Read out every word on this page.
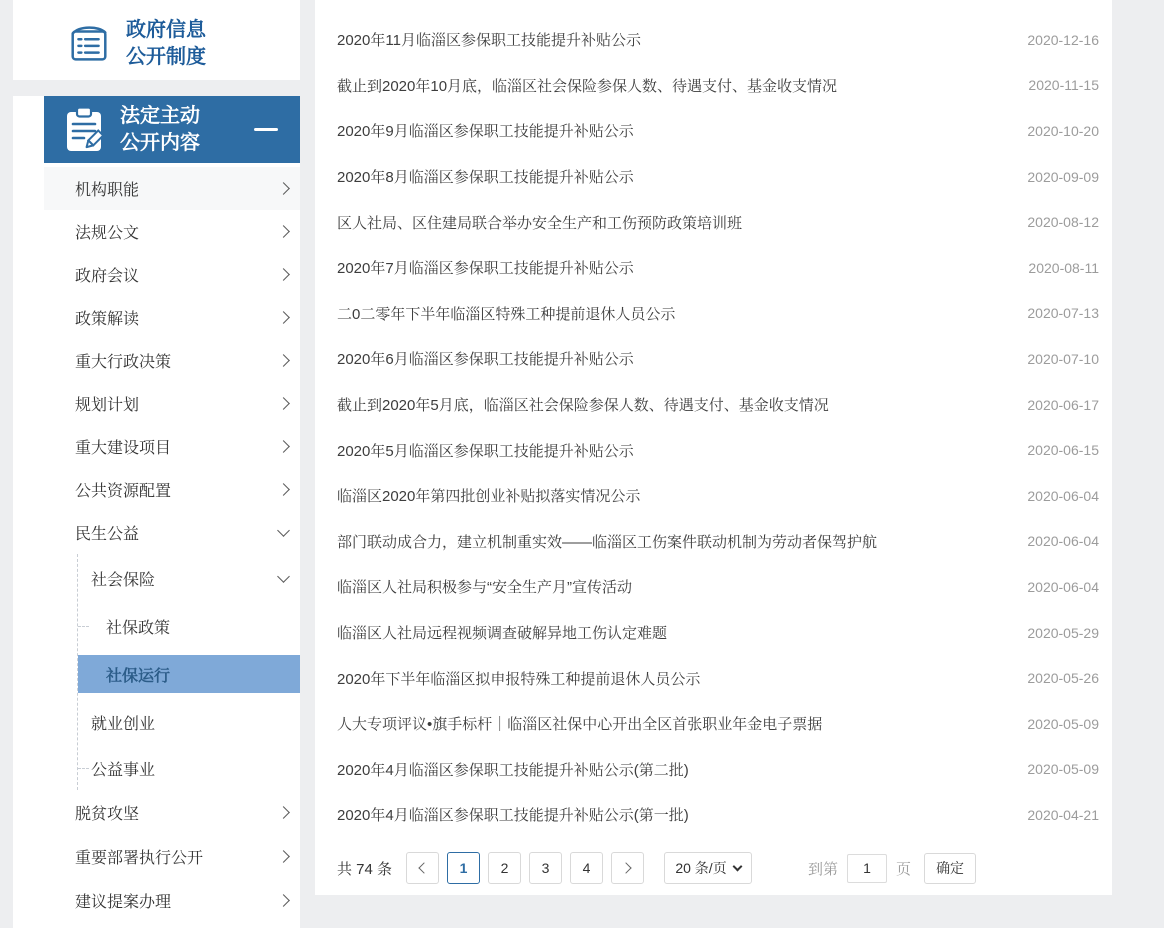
政府信息
公开制度
法定主动
公开内容
机构职能
法规公文
政府会议
政策解读
重大行政决策
规划计划
重大建设项目
公共资源配置
民生公益
社会保险
社保政策
社保运行
就业创业
公益事业
脱贫攻坚
重要部署执行公开
建议提案办理
2020年11月临淄区参保职工技能提升补贴公示	2020-12-16
截止到2020年10月底，临淄区社会保险参保人数、待遇支付、基金收支情况	2020-11-15
2020年9月临淄区参保职工技能提升补贴公示	2020-10-20
2020年8月临淄区参保职工技能提升补贴公示	2020-09-09
区人社局、区住建局联合举办安全生产和工伤预防政策培训班	2020-08-12
2020年7月临淄区参保职工技能提升补贴公示	2020-08-11
二0二零年下半年临淄区特殊工种提前退休人员公示	2020-07-13
2020年6月临淄区参保职工技能提升补贴公示	2020-07-10
截止到2020年5月底，临淄区社会保险参保人数、待遇支付、基金收支情况	2020-06-17
2020年5月临淄区参保职工技能提升补贴公示	2020-06-15
临淄区2020年第四批创业补贴拟落实情况公示	2020-06-04
部门联动成合力，建立机制重实效——临淄区工伤案件联动机制为劳动者保驾护航	2020-06-04
临淄区人社局积极参与“安全生产月”宣传活动	2020-06-04
临淄区人社局远程视频调查破解异地工伤认定难题	2020-05-29
2020年下半年临淄区拟申报特殊工种提前退休人员公示	2020-05-26
人大专项评议•旗手标杆｜临淄区社保中心开出全区首张职业年金电子票据	2020-05-09
2020年4月临淄区参保职工技能提升补贴公示(第二批)	2020-05-09
2020年4月临淄区参保职工技能提升补贴公示(第一批)	2020-04-21
共 74 条	1	2	3	4	20 条/页	到第
1	页	确定
